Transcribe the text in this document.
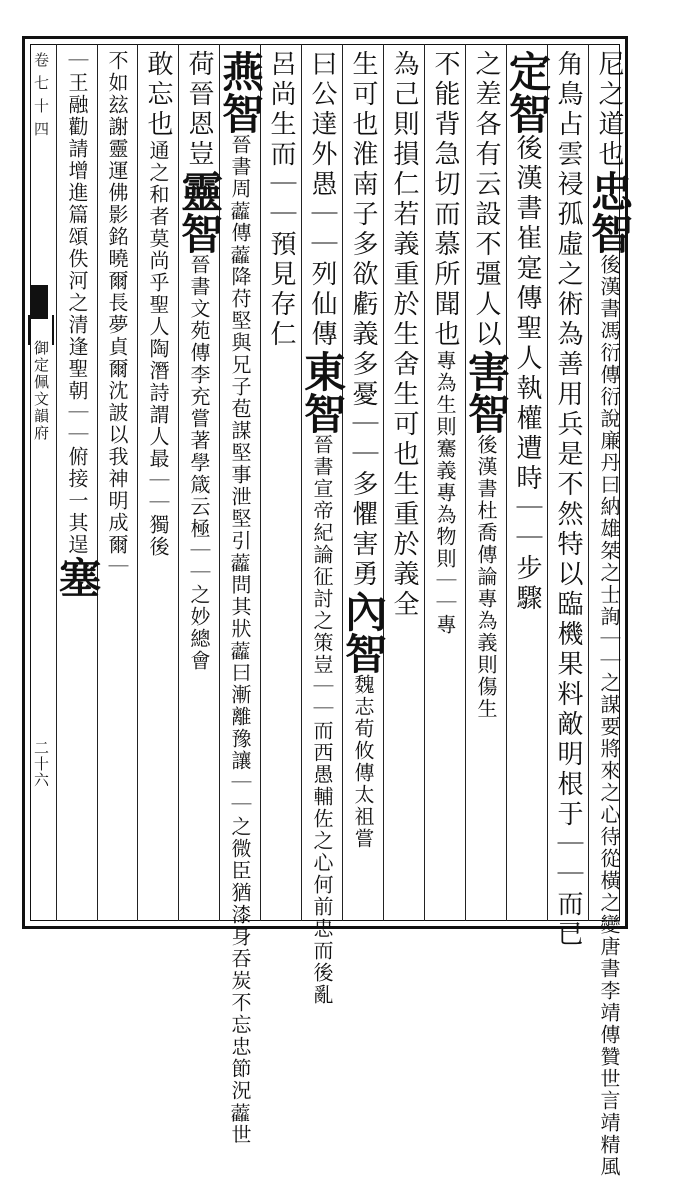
卷七十四
御定佩文韻府
二十六
尼之道也忠智後漢書馮衍傳衍說廉丹曰納雄桀之士詢｜｜之謀要將來之心待從橫之變唐書李靖傳贊世言靖精風
角鳥占雲祲孤虛之術為善用兵是不然特以臨機果料敵明根于｜｜而已
定智後漢書崔寔傳聖人執權遭時｜｜步驟
之差各有云設不彊人以害智後漢書杜喬傳論專為義則傷生
不能背急切而慕所聞也專為生則騫義專為物則｜｜專
為己則損仁若義重於生舍生可也生重於義全
生可也淮南子多欲虧義多憂｜｜多懼害勇內智魏志荀攸傳太祖嘗
曰公達外愚｜｜列仙傳東智晉書宣帝紀論征討之策豈｜｜而西愚輔佐之心何前忠而後亂
呂尚生而｜｜預見存仁
燕智晉書周𧆑傳𧆑降苻堅與兄子苞謀堅事泄堅引𧆑問其狀𧆑曰漸離豫讓｜｜之微臣猶漆身吞炭不忘忠節況𧆑世
荷晉恩豈靈智晉書文苑傳李充嘗著學箴云極｜｜之妙總會
敢忘也通之和者莫尚乎聖人陶潛詩謂人最｜｜獨後
不如玆謝靈運佛影銘曉爾長夢貞爾沈詖以我神明成爾｜
｜王融勸請增進篇頌佚河之清逢聖朝｜｜俯接一其逞塞
